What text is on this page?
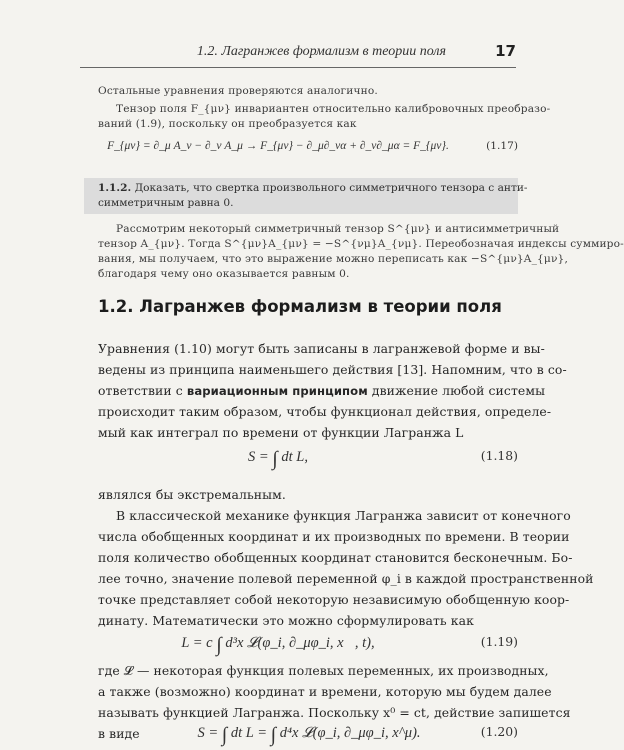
1.2. Лагранжев формализм в теории поля	17
Остальные уравнения проверяются аналогично.
Тензор поля F_{μν} инвариантен относительно калибровочных преобразо-
ваний (1.9), поскольку он преобразуется как
F_{μν} = ∂_μ A_ν − ∂_ν A_μ → F_{μν} − ∂_μ∂_να + ∂_ν∂_μα = F_{μν}.	(1.17)
1.1.2. Доказать, что свертка произвольного симметричного тензора с анти-
симметричным равна 0.
Рассмотрим некоторый симметричный тензор S^{μν} и антисимметричный
тензор A_{μν}. Тогда S^{μν}A_{μν} = −S^{νμ}A_{νμ}. Переобозначая индексы суммиро-
вания, мы получаем, что это выражение можно переписать как −S^{μν}A_{μν},
благодаря чему оно оказывается равным 0.
1.2. Лагранжев формализм в теории поля
Уравнения (1.10) могут быть записаны в лагранжевой форме и вы-
ведены из принципа наименьшего действия [13]. Напомним, что в со-
ответствии с вариационным принципом движение любой системы
происходит таким образом, чтобы функционал действия, определе-
мый как интеграл по времени от функции Лагранжа L
S = ∫ dt L,	(1.18)
являлся бы экстремальным.
В классической механике функция Лагранжа зависит от конечного
числа обобщенных координат и их производных по времени. В теории
поля количество обобщенных координат становится бесконечным. Бо-
лее точно, значение полевой переменной φ_i в каждой пространственной
точке представляет собой некоторую независимую обобщенную коор-
динату. Математически это можно сформулировать как
L = c ∫ d³x 𝓛(φ_i, ∂_μφ_i, x⃗, t),	(1.19)
где 𝓛 — некоторая функция полевых переменных, их производных,
а также (возможно) координат и времени, которую мы будем далее
называть функцией Лагранжа. Поскольку x⁰ = ct, действие запишется
в виде	S = ∫ dt L = ∫ d⁴x 𝓛(φ_i, ∂_μφ_i, x^μ).	(1.20)
